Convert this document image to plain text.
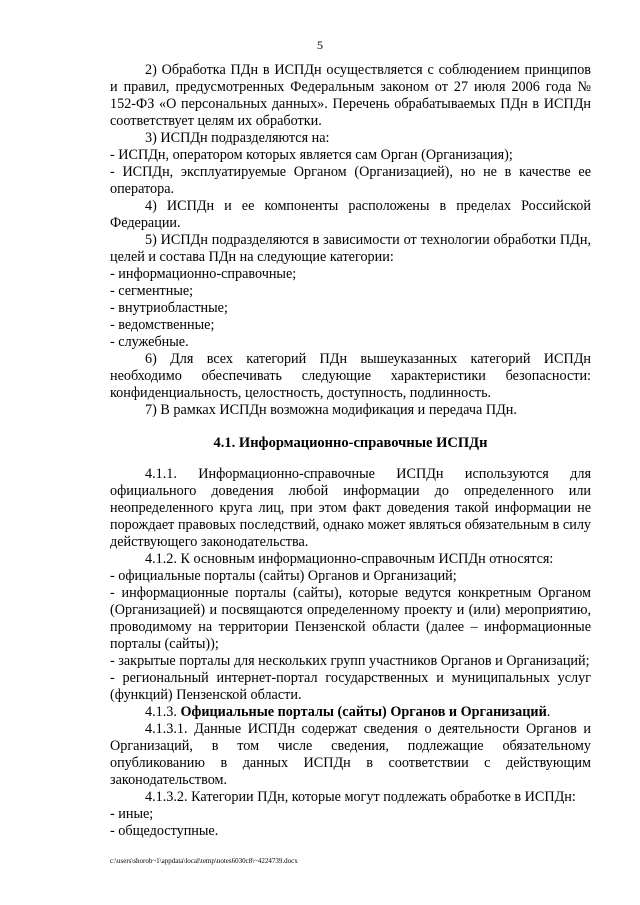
5

2) Обработка ПДн в ИСПДн осуществляется с соблюдением принципов и правил, предусмотренных Федеральным законом от 27 июля 2006 года № 152-ФЗ «О персональных данных». Перечень обрабатываемых ПДн в ИСПДн соответствует целям их обработки.

3) ИСПДн подразделяются на:

- ИСПДн, оператором которых является сам Орган (Организация);

- ИСПДн, эксплуатируемые Органом (Организацией), но не в качестве ее оператора.

4) ИСПДн и ее компоненты расположены в пределах Российской Федерации.

5) ИСПДн подразделяются в зависимости от технологии обработки ПДн, целей и состава ПДн на следующие категории:

- информационно-справочные;

- сегментные;

- внутриобластные;

- ведомственные;

- служебные.

6) Для всех категорий ПДн вышеуказанных категорий ИСПДн необходимо обеспечивать следующие характеристики безопасности: конфиденциальность, целостность, доступность, подлинность.

7) В рамках ИСПДн возможна модификация и передача ПДн.

4.1. Информационно-справочные ИСПДн

4.1.1. Информационно-справочные ИСПДн используются для официального доведения любой информации до определенного или неопределенного круга лиц, при этом факт доведения такой информации не порождает правовых последствий, однако может являться обязательным в силу действующего законодательства.

4.1.2. К основным информационно-справочным ИСПДн относятся:

- официальные порталы (сайты) Органов и Организаций;

- информационные порталы (сайты), которые ведутся конкретным Органом (Организацией) и посвящаются определенному проекту и (или) мероприятию, проводимому на территории Пензенской области (далее – информационные порталы (сайты));

- закрытые порталы для нескольких групп участников Органов и Организаций;

- региональный интернет-портал государственных и муниципальных услуг (функций) Пензенской области.

4.1.3. Официальные порталы (сайты) Органов и Организаций.

4.1.3.1. Данные ИСПДн содержат сведения о деятельности Органов и Организаций, в том числе сведения, подлежащие обязательному опубликованию в данных ИСПДн в соответствии с действующим законодательством.

4.1.3.2. Категории ПДн, которые могут подлежать обработке в ИСПДн:

- иные;

- общедоступные.

c:\users\shorob~1\appdata\local\temp\notes6030c8\~4224739.docx
